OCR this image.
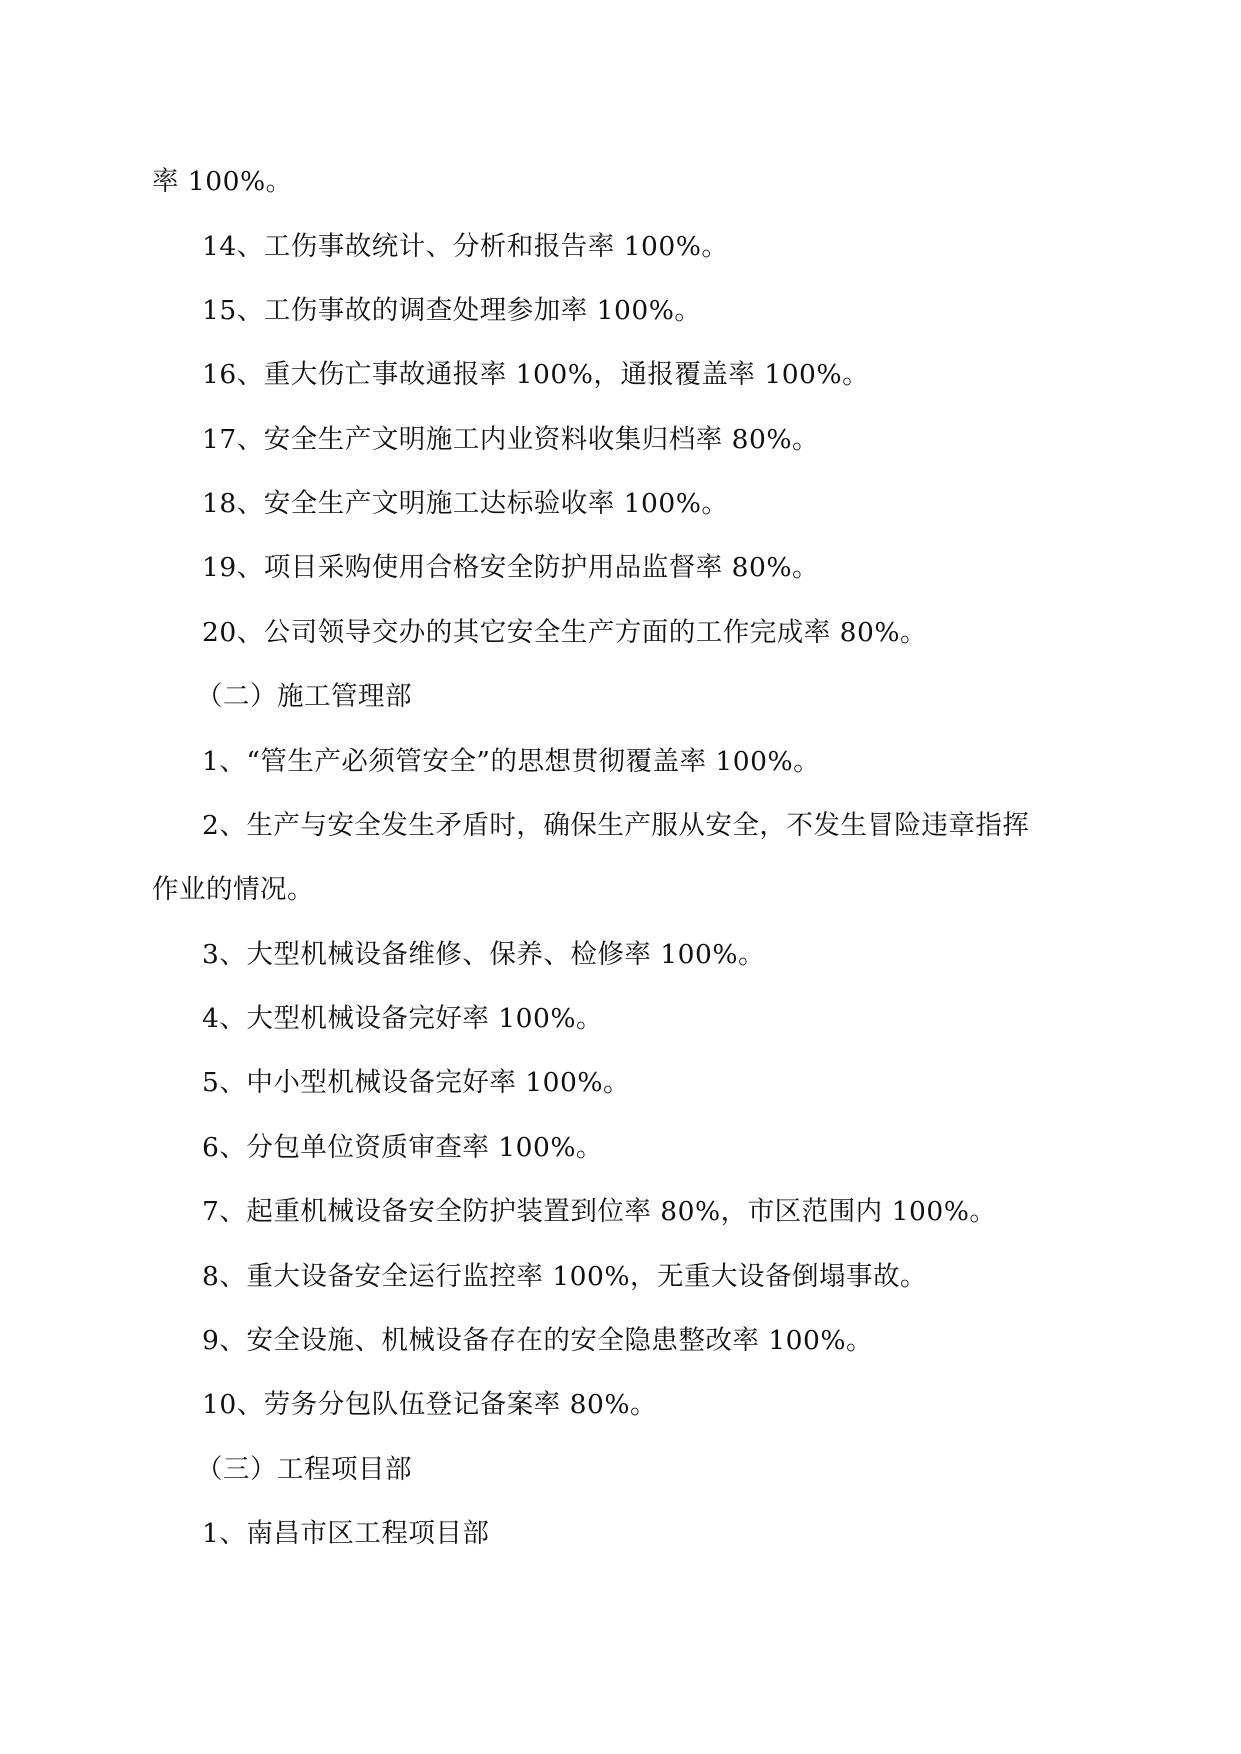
率 100%。
14、工伤事故统计、分析和报告率 100%。
15、工伤事故的调查处理参加率 100%。
16、重大伤亡事故通报率 100%，通报覆盖率 100%。
17、安全生产文明施工内业资料收集归档率 80%。
18、安全生产文明施工达标验收率 100%。
19、项目采购使用合格安全防护用品监督率 80%。
20、公司领导交办的其它安全生产方面的工作完成率 80%。
（二）施工管理部
1、“管生产必须管安全”的思想贯彻覆盖率 100%。
2、生产与安全发生矛盾时，确保生产服从安全，不发生冒险违章指挥
作业的情况。
3、大型机械设备维修、保养、检修率 100%。
4、大型机械设备完好率 100%。
5、中小型机械设备完好率 100%。
6、分包单位资质审查率 100%。
7、起重机械设备安全防护装置到位率 80%，市区范围内 100%。
8、重大设备安全运行监控率 100%，无重大设备倒塌事故。
9、安全设施、机械设备存在的安全隐患整改率 100%。
10、劳务分包队伍登记备案率 80%。
（三）工程项目部
1、南昌市区工程项目部
